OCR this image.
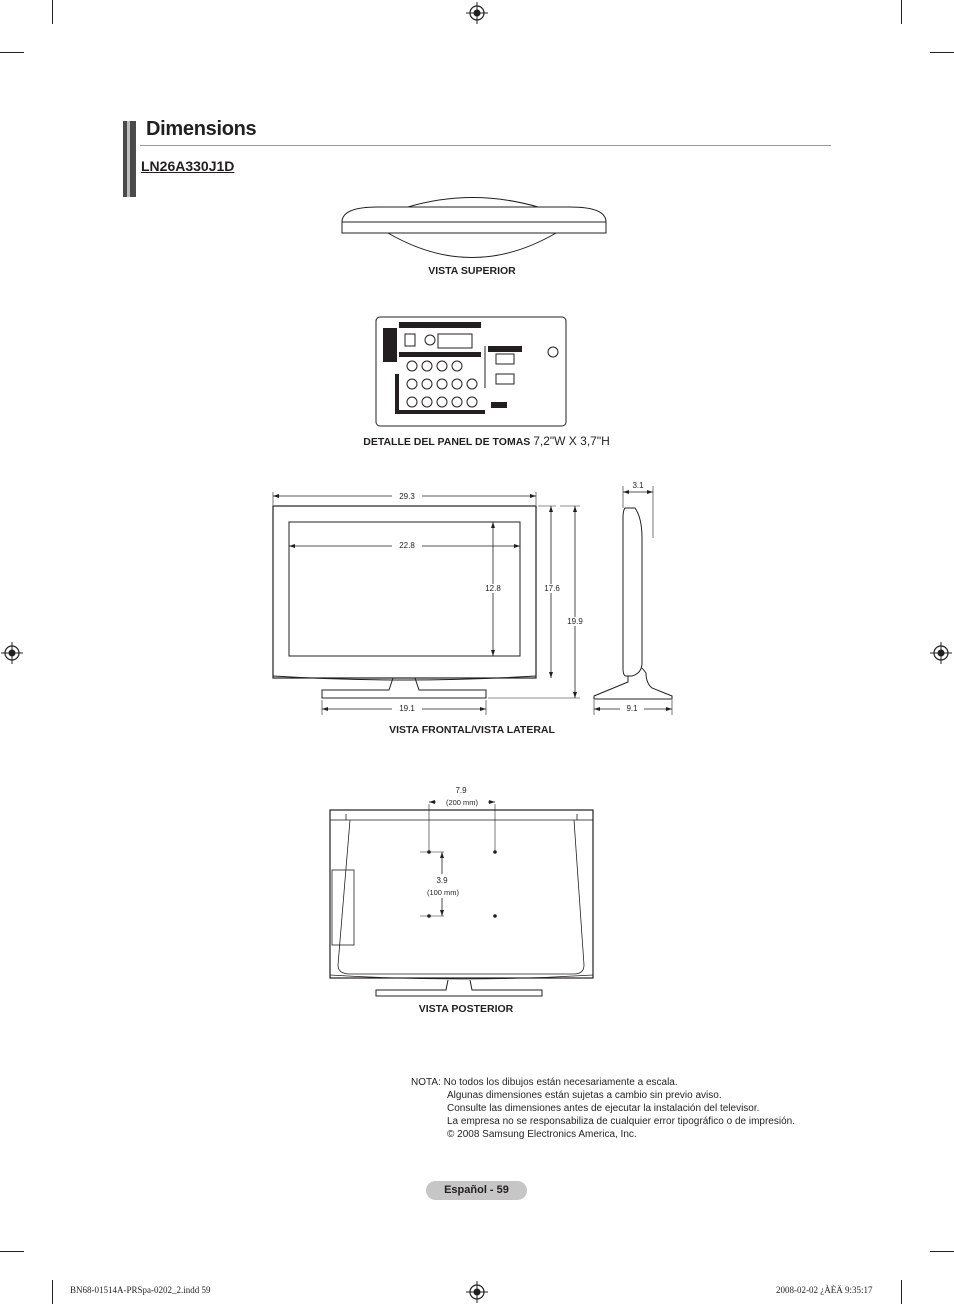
Dimensions
LN26A330J1D
VISTA SUPERIOR
DETALLE DEL PANEL DE TOMAS 7,2"W X 3,7"H
29.3
22.8
12.8	17.6
19.9
19.1
3.1
9.1
VISTA FRONTAL/VISTA LATERAL
7.9
(200 mm)
3.9
(100 mm)
VISTA POSTERIOR
NOTA: No todos los dibujos están necesariamente a escala.
Algunas dimensiones están sujetas a cambio sin previo aviso.
Consulte las dimensiones antes de ejecutar la instalación del televisor.
La empresa no se responsabiliza de cualquier error tipográfico o de impresión.
© 2008 Samsung Electronics America, Inc.
Español - 59
BN68-01514A-PRSpa-0202_2.indd 59	2008-02-02 ¿ÀÈÄ 9:35:17
